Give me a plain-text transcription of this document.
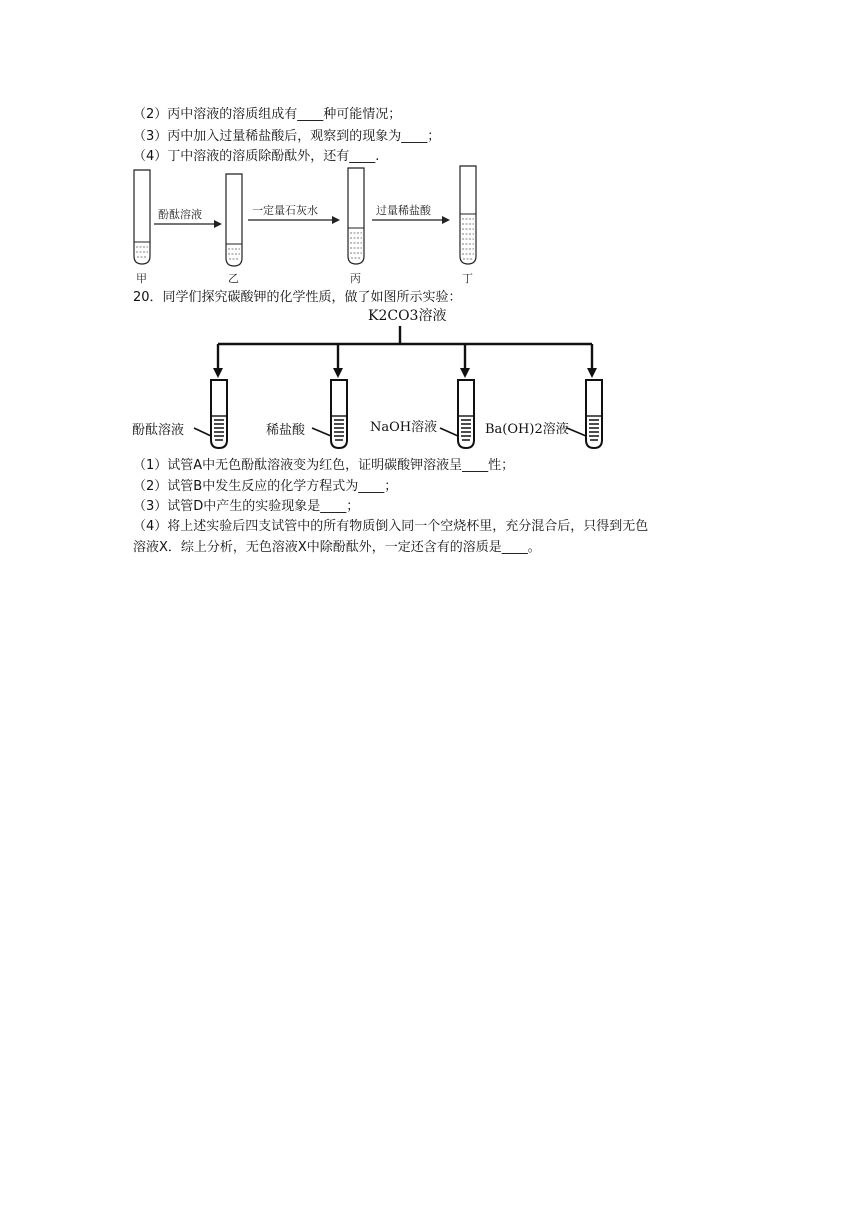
（2）丙中溶液的溶质组成有____种可能情况；
（3）丙中加入过量稀盐酸后，观察到的现象为____；
（4）丁中溶液的溶质除酚酞外，还有____.
酚酞溶液	一定量石灰水	过量稀盐酸
甲	乙	丙	丁
20．同学们探究碳酸钾的化学性质，做了如图所示实验：
K2CO3溶液
酚酞溶液	稀盐酸	NaOH溶液	Ba(OH)2溶液
（1）试管A中无色酚酞溶液变为红色，证明碳酸钾溶液呈____性；
（2）试管B中发生反应的化学方程式为____；
（3）试管D中产生的实验现象是____；
（4）将上述实验后四支试管中的所有物质倒入同一个空烧杯里，充分混合后，只得到无色
溶液X．综上分析，无色溶液X中除酚酞外，一定还含有的溶质是____。
